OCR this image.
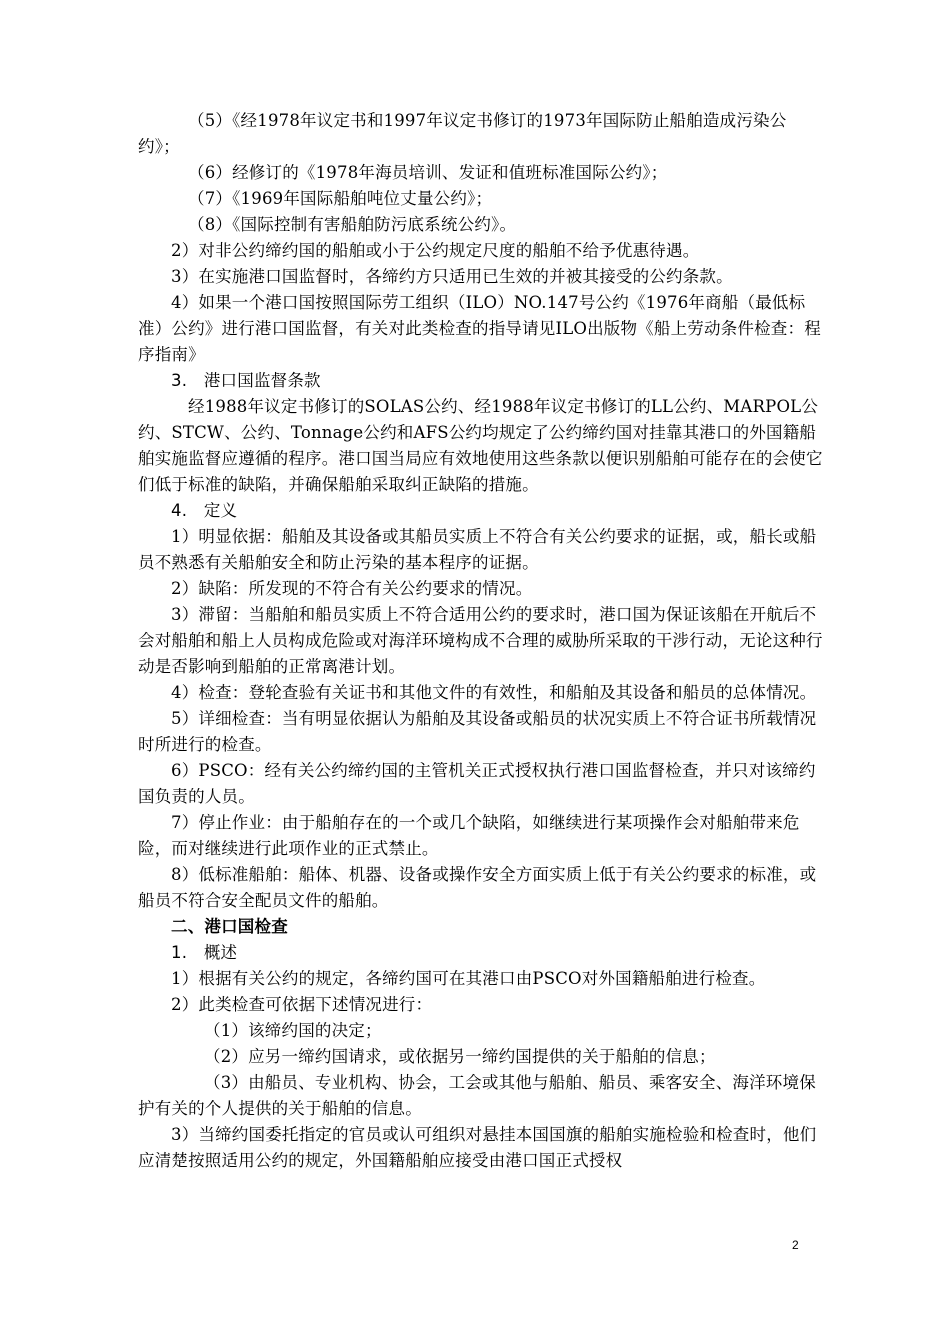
（5）《经1978年议定书和1997年议定书修订的1973年国际防止船舶造成污染公约》；

（6）经修订的《1978年海员培训、发证和值班标准国际公约》；

（7）《1969年国际船舶吨位丈量公约》；

（8）《国际控制有害船舶防污底系统公约》。

2）对非公约缔约国的船舶或小于公约规定尺度的船舶不给予优惠待遇。

3）在实施港口国监督时，各缔约方只适用已生效的并被其接受的公约条款。

4）如果一个港口国按照国际劳工组织（ILO）NO.147号公约《1976年商船（最低标准）公约》进行港口国监督，有关对此类检查的指导请见ILO出版物《船上劳动条件检查：程序指南》

3.　港口国监督条款

经1988年议定书修订的SOLAS公约、经1988年议定书修订的LL公约、MARPOL公约、STCW、公约、Tonnage公约和AFS公约均规定了公约缔约国对挂靠其港口的外国籍船舶实施监督应遵循的程序。港口国当局应有效地使用这些条款以便识别船舶可能存在的会使它们低于标准的缺陷，并确保船舶采取纠正缺陷的措施。

4.　定义

1）明显依据：船舶及其设备或其船员实质上不符合有关公约要求的证据，或，船长或船员不熟悉有关船舶安全和防止污染的基本程序的证据。

2）缺陷：所发现的不符合有关公约要求的情况。

3）滞留：当船舶和船员实质上不符合适用公约的要求时，港口国为保证该船在开航后不会对船舶和船上人员构成危险或对海洋环境构成不合理的威胁所采取的干涉行动，无论这种行动是否影响到船舶的正常离港计划。

4）检查：登轮查验有关证书和其他文件的有效性，和船舶及其设备和船员的总体情况。

5）详细检查：当有明显依据认为船舶及其设备或船员的状况实质上不符合证书所载情况时所进行的检查。

6）PSCO：经有关公约缔约国的主管机关正式授权执行港口国监督检查，并只对该缔约国负责的人员。

7）停止作业：由于船舶存在的一个或几个缺陷，如继续进行某项操作会对船舶带来危险，而对继续进行此项作业的正式禁止。

8）低标准船舶：船体、机器、设备或操作安全方面实质上低于有关公约要求的标准，或船员不符合安全配员文件的船舶。

二、港口国检查

1.　概述

1）根据有关公约的规定，各缔约国可在其港口由PSCO对外国籍船舶进行检查。

2）此类检查可依据下述情况进行：

（1）该缔约国的决定；

（2）应另一缔约国请求，或依据另一缔约国提供的关于船舶的信息；

（3）由船员、专业机构、协会，工会或其他与船舶、船员、乘客安全、海洋环境保护有关的个人提供的关于船舶的信息。

3）当缔约国委托指定的官员或认可组织对悬挂本国国旗的船舶实施检验和检查时，他们应清楚按照适用公约的规定，外国籍船舶应接受由港口国正式授权

2
